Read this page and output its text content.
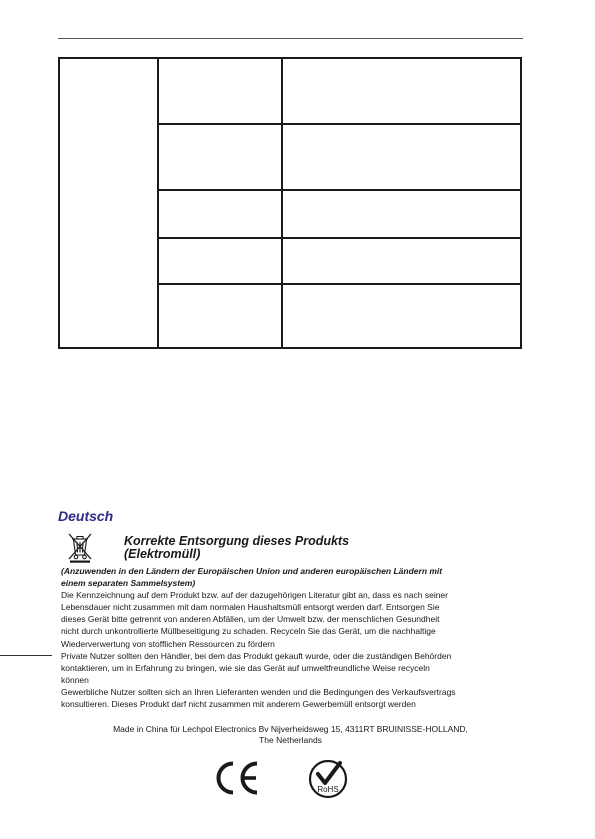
Deutsch
Korrekte Entsorgung dieses Produkts
(Elektromüll)

(Anzuwenden in den Ländern der Europäischen Union und anderen europäischen Ländern mit

einem separaten Sammelsystem)

Die Kennzeichnung auf dem Produkt bzw. auf der dazugehörigen Literatur gibt an, dass es nach seiner

Lebensdauer nicht zusammen mit dam normalen Haushaltsmüll entsorgt werden darf. Entsorgen Sie

dieses Gerät bitte getrennt von anderen Abfällen, um der Umwelt bzw. der menschlichen Gesundheit

nicht durch unkontrollierte Müllbeseitigung zu schaden. Recyceln Sie das Gerät, um die nachhaltige

Wiederverwertung von stofflichen Ressourcen zu fördern

Private Nutzer sollten den Händler, bei dem das Produkt gekauft wurde, oder die zuständigen Behörden

kontaktieren, um in Erfahrung zu bringen, wie sie das Gerät auf umweltfreundliche Weise recyceln

können

Gewerbliche Nutzer sollten sich an Ihren Lieferanten wenden und die Bedingungen des Verkaufsvertrags

konsultieren. Dieses Produkt darf nicht zusammen mit anderem Gewerbemüll entsorgt werden

Made in China für Lechpol Electronics Bv Nijverheidsweg 15, 4311RT BRUINISSE-HOLLAND,
The Netherlands
RoHS
